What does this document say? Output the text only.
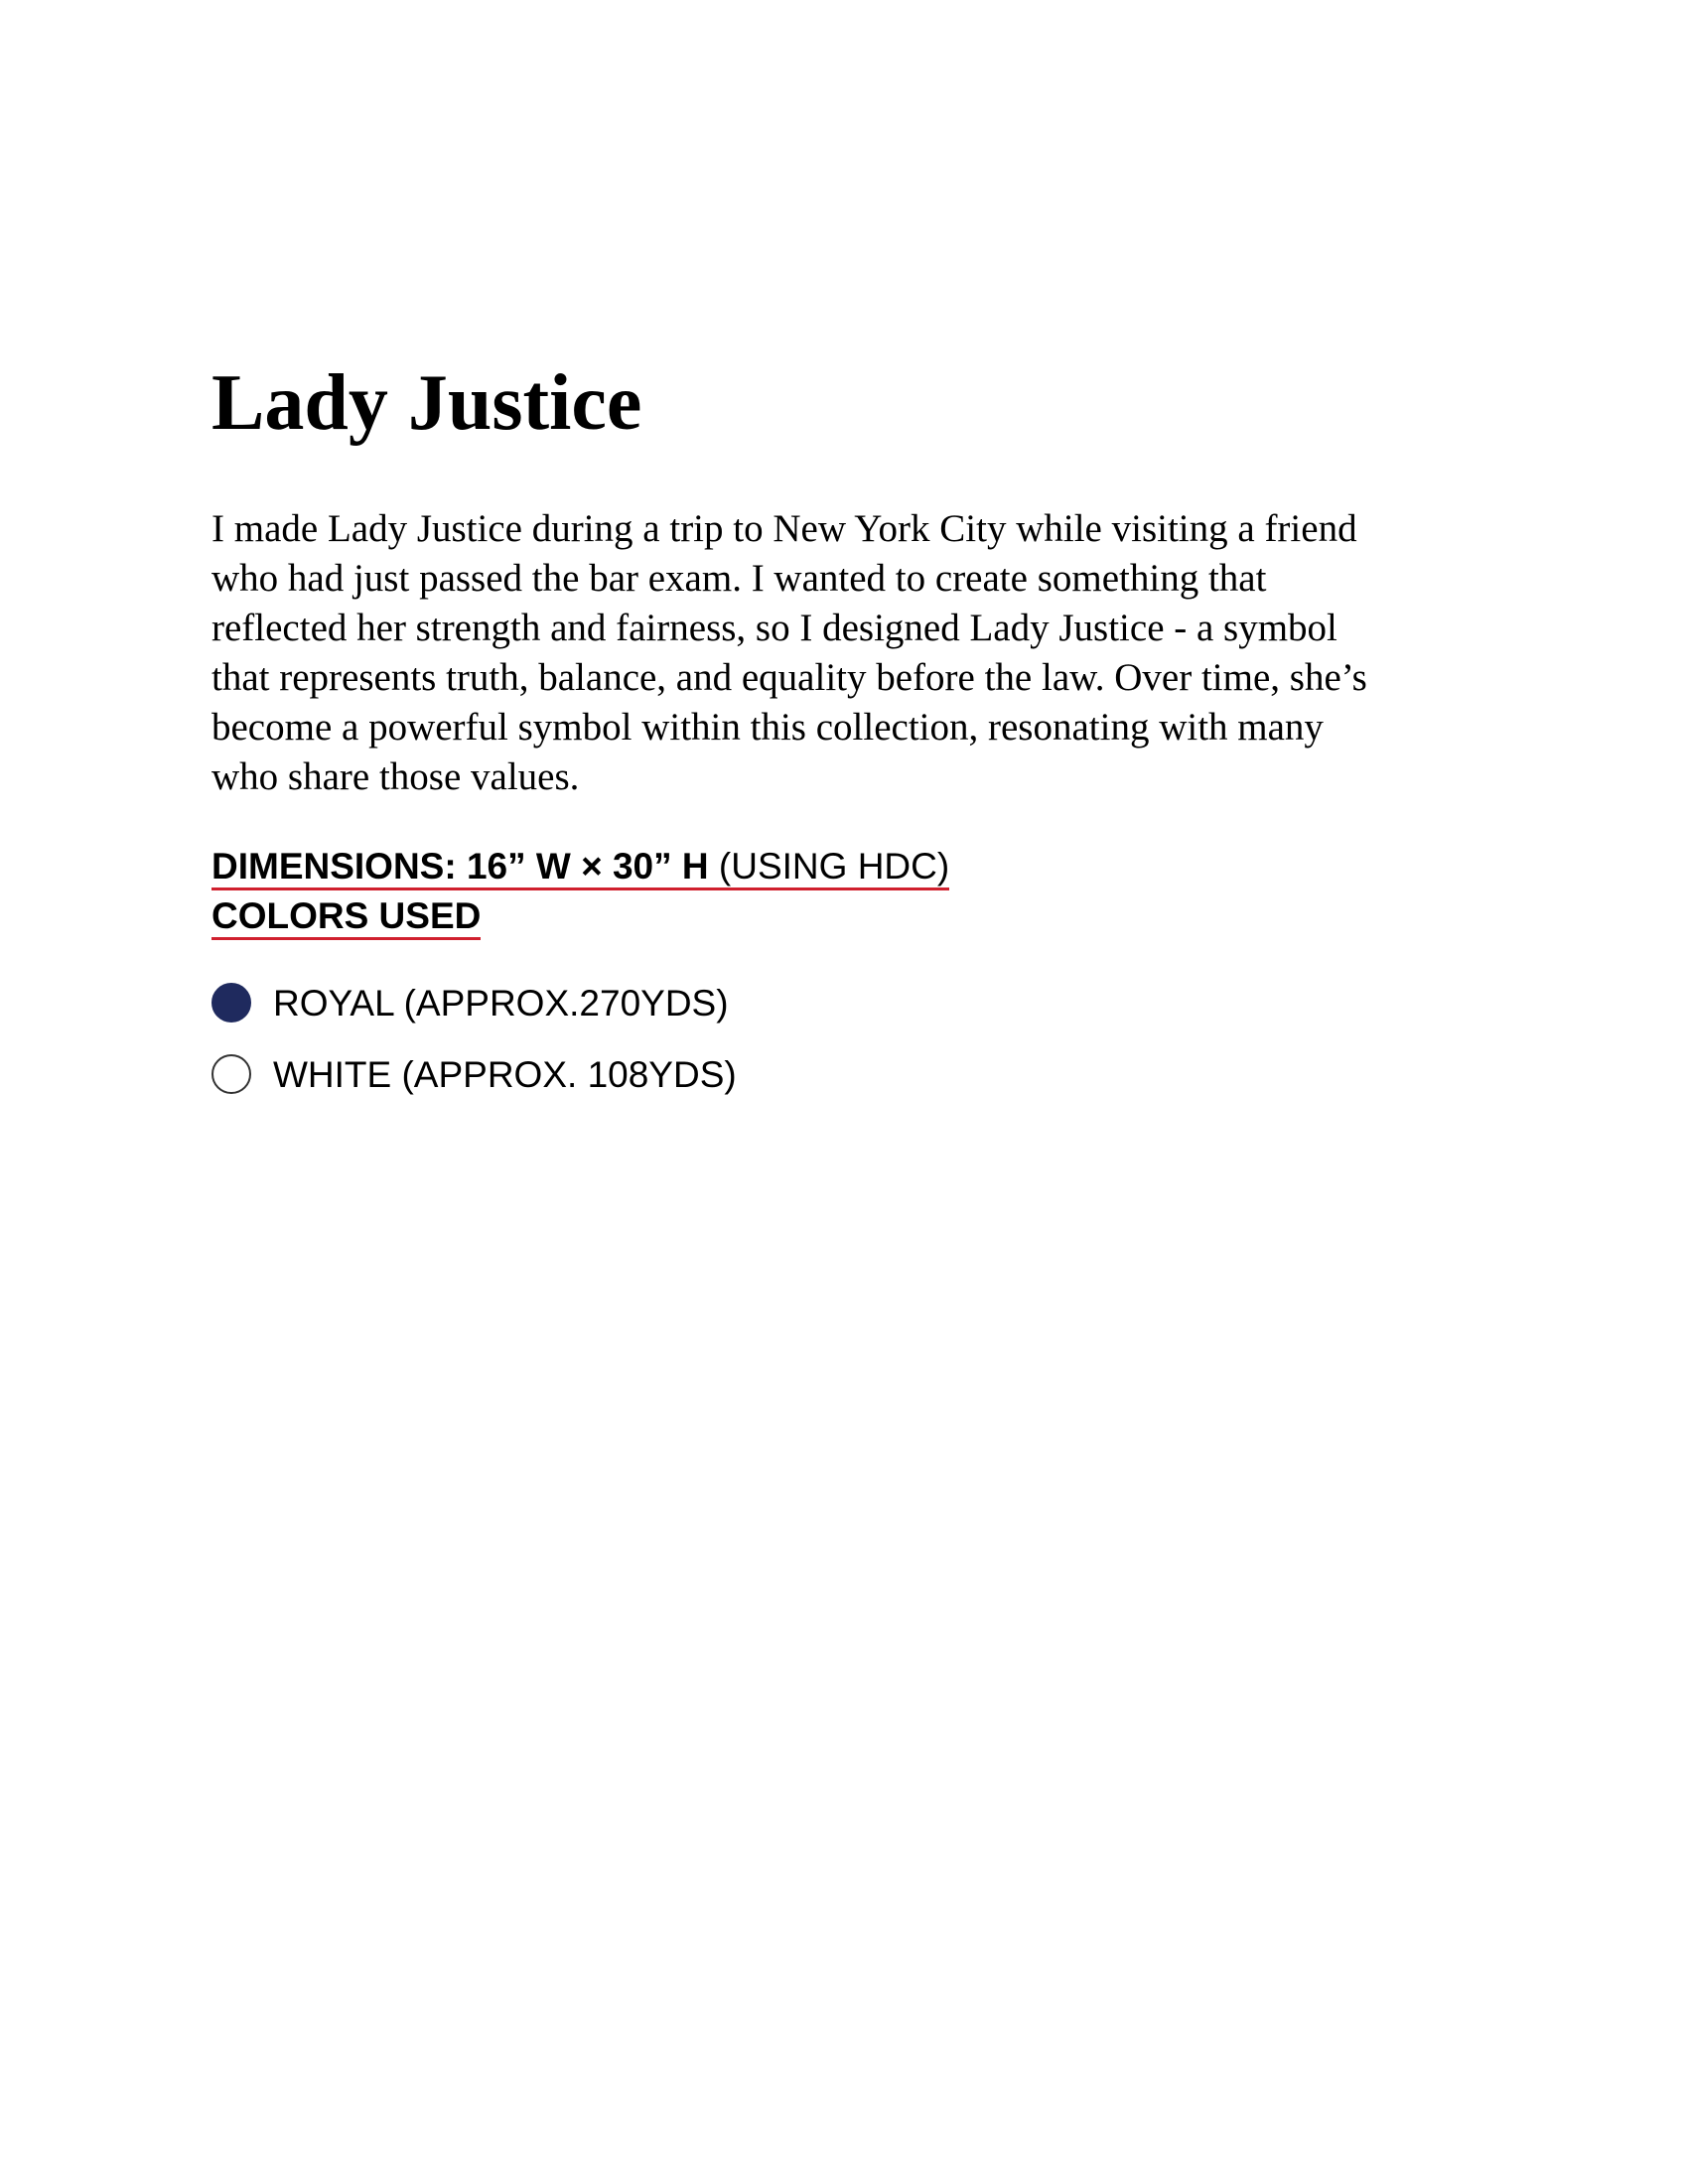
Lady Justice
I made Lady Justice during a trip to New York City while visiting a friend
who had just passed the bar exam. I wanted to create something that
reflected her strength and fairness, so I designed Lady Justice - a symbol
that represents truth, balance, and equality before the law. Over time, she’s
become a powerful symbol within this collection, resonating with many
who share those values.
DIMENSIONS: 16” W × 30” H (USING HDC)
COLORS USED
ROYAL (APPROX.270YDS)
WHITE (APPROX. 108YDS)
